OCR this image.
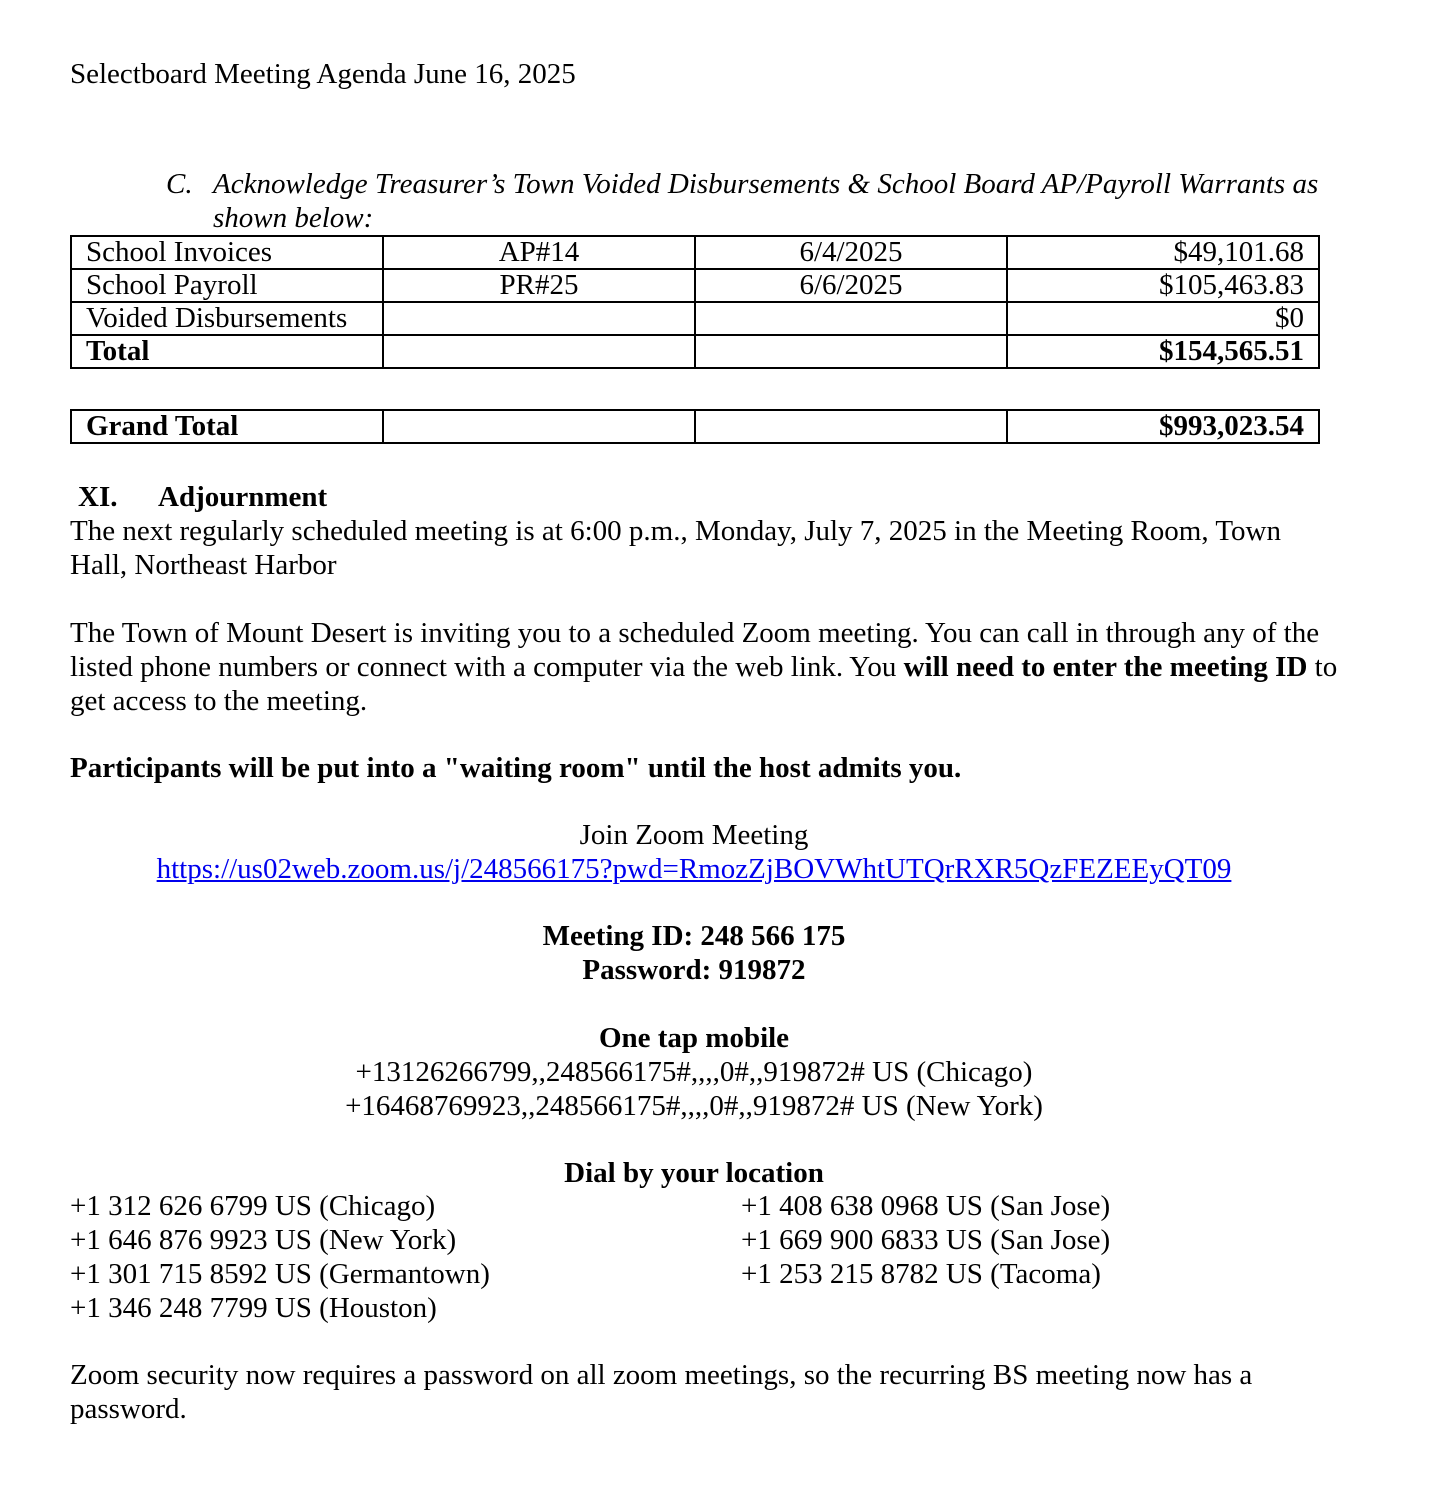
Selectboard Meeting Agenda June 16, 2025
C. Acknowledge Treasurer’s Town Voided Disbursements & School Board AP/Payroll Warrants as shown below:
School Invoices	AP#14	6/4/2025	$49,101.68
School Payroll	PR#25	6/6/2025	$105,463.83
Voided Disbursements			$0
Total			$154,565.51
Grand Total			$993,023.54
XI. Adjournment
The next regularly scheduled meeting is at 6:00 p.m., Monday, July 7, 2025 in the Meeting Room, Town Hall, Northeast Harbor
The Town of Mount Desert is inviting you to a scheduled Zoom meeting. You can call in through any of the listed phone numbers or connect with a computer via the web link. You will need to enter the meeting ID to get access to the meeting.
Participants will be put into a "waiting room" until the host admits you.
Join Zoom Meeting
https://us02web.zoom.us/j/248566175?pwd=RmozZjBOVWhtUTQrRXR5QzFEZEEyQT09
Meeting ID: 248 566 175
Password: 919872
One tap mobile
+13126266799,,248566175#,,,,0#,,919872# US (Chicago)
+16468769923,,248566175#,,,,0#,,919872# US (New York)
Dial by your location
+1 312 626 6799 US (Chicago)
+1 646 876 9923 US (New York)
+1 301 715 8592 US (Germantown)
+1 346 248 7799 US (Houston)
+1 408 638 0968 US (San Jose)
+1 669 900 6833 US (San Jose)
+1 253 215 8782 US (Tacoma)
Zoom security now requires a password on all zoom meetings, so the recurring BS meeting now has a password.
